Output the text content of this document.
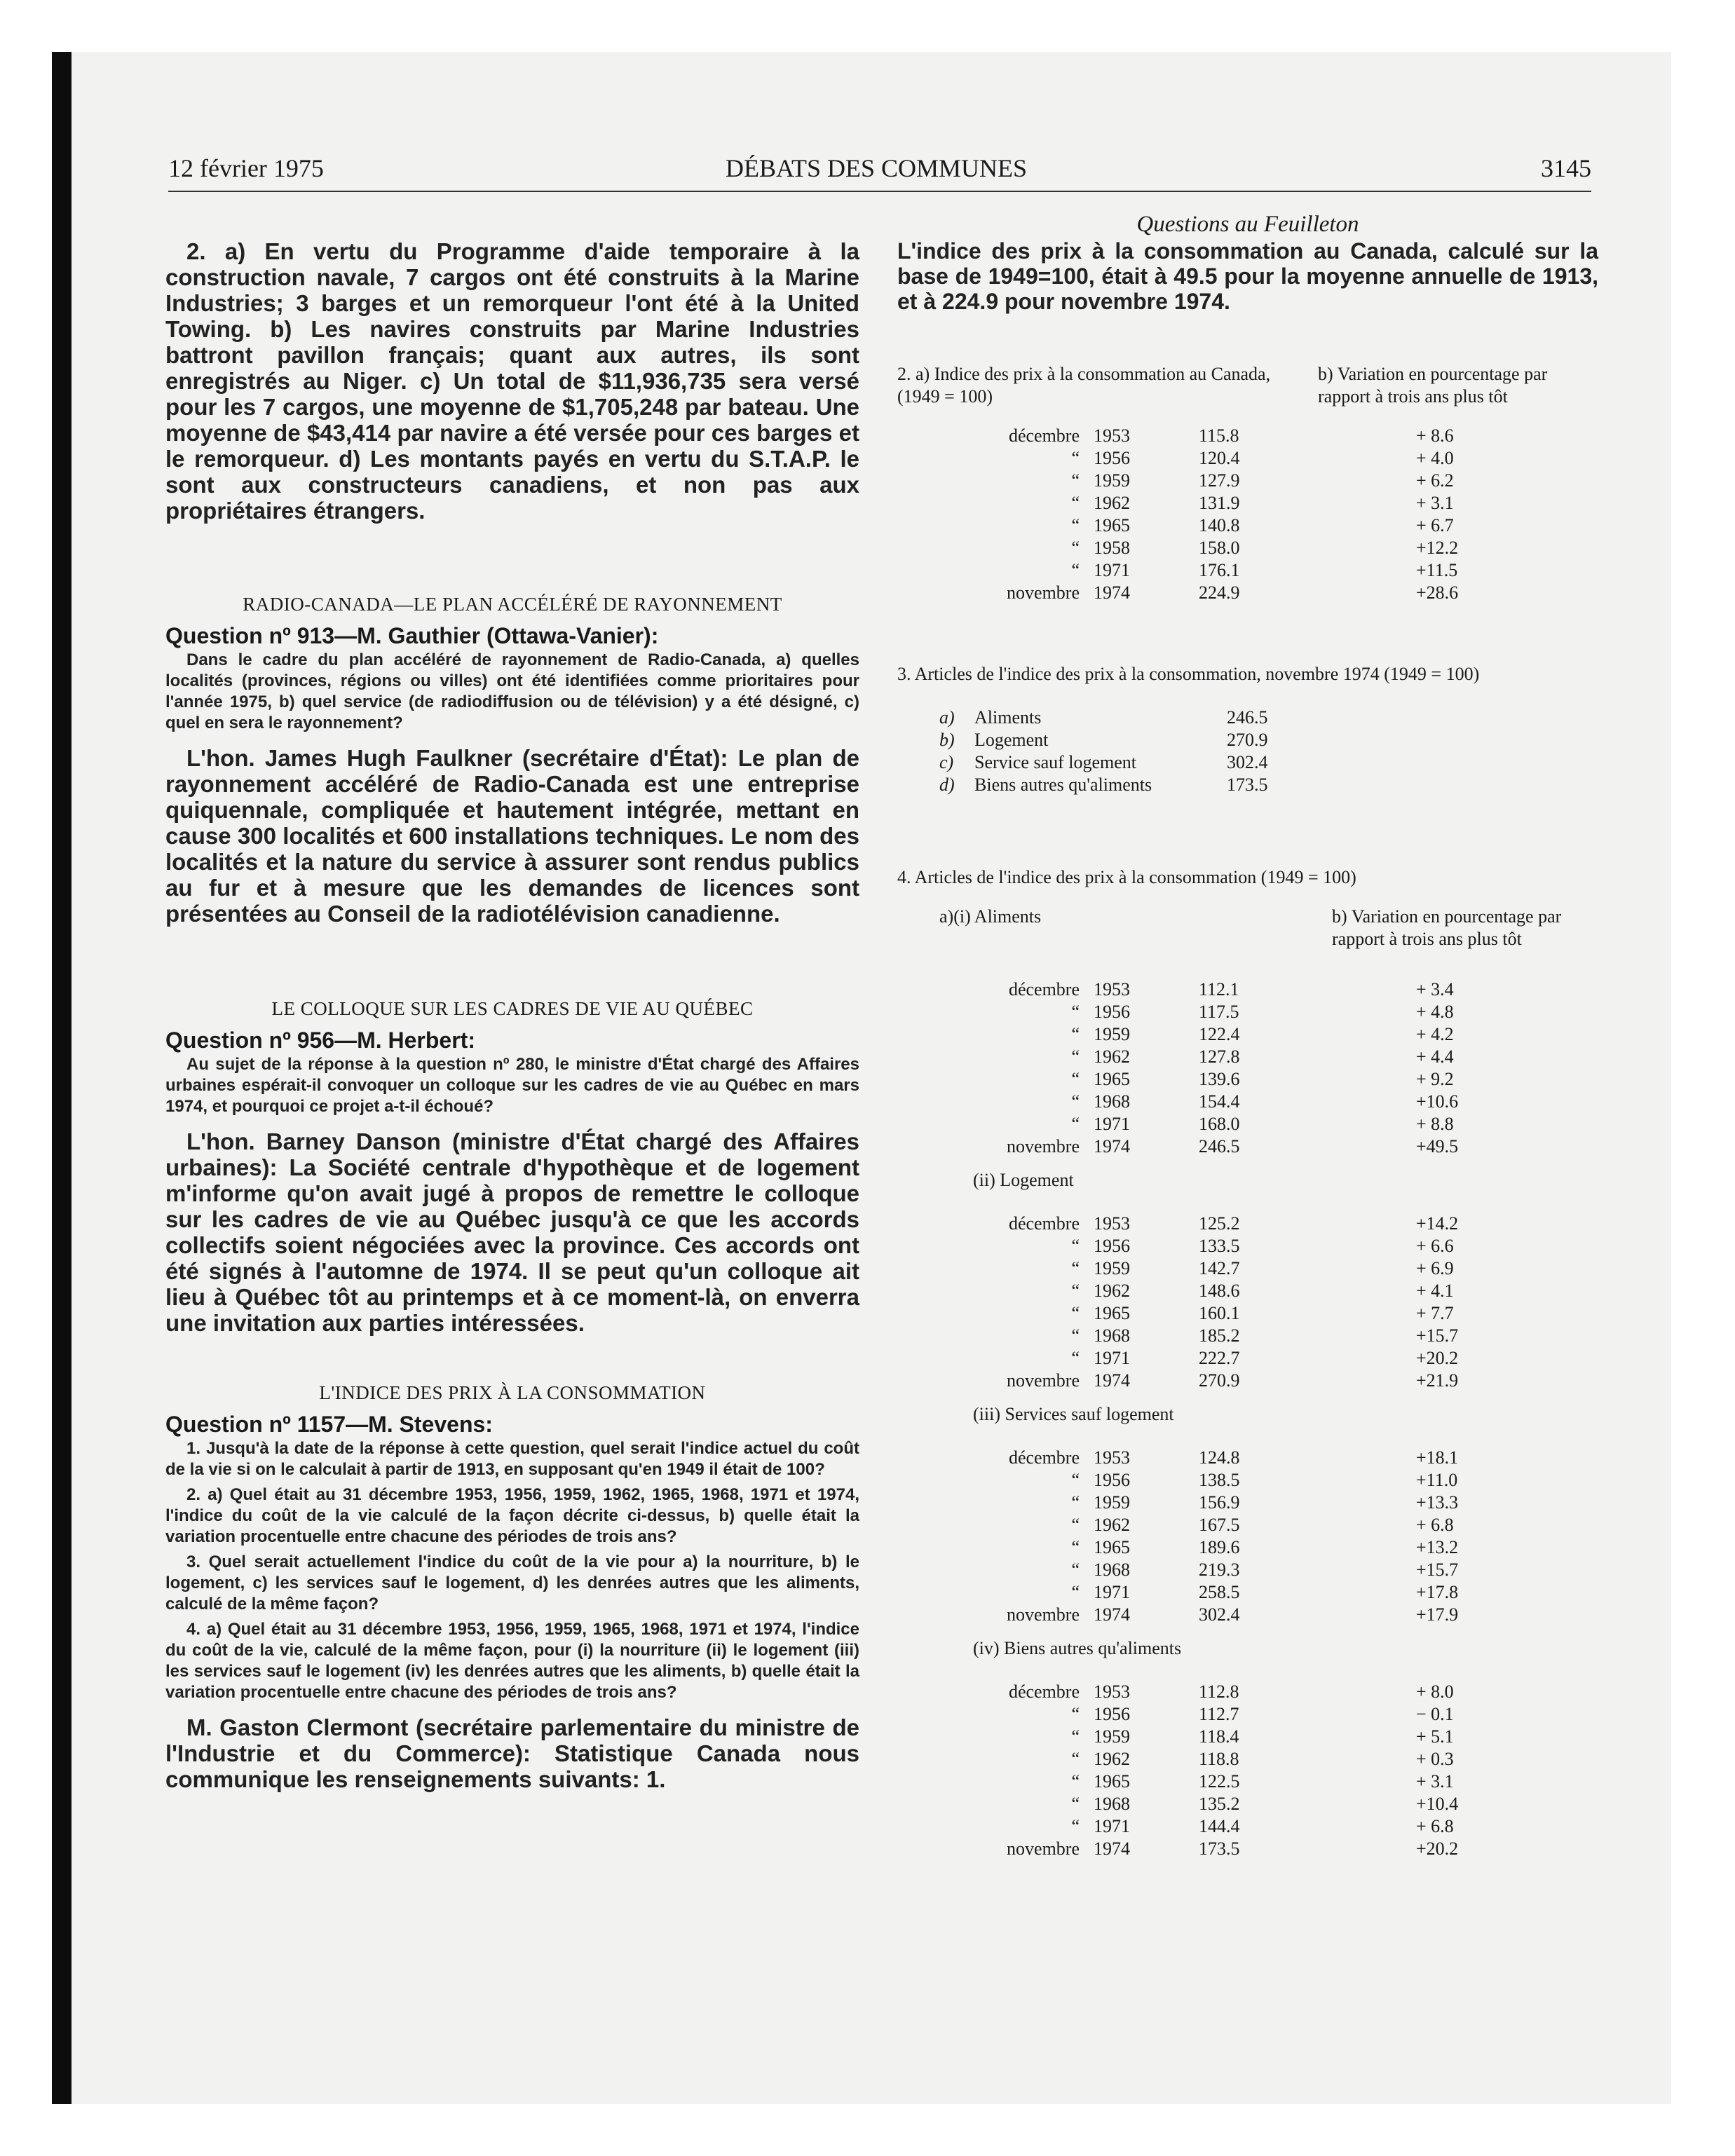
12 février 1975	DÉBATS DES COMMUNES	3145

2. a) En vertu du Programme d'aide temporaire à la construction navale, 7 cargos ont été construits à la Marine Industries; 3 barges et un remorqueur l'ont été à la United Towing. b) Les navires construits par Marine Industries battront pavillon français; quant aux autres, ils sont enregistrés au Niger. c) Un total de $11,936,735 sera versé pour les 7 cargos, une moyenne de $1,705,248 par bateau. Une moyenne de $43,414 par navire a été versée pour ces barges et le remorqueur. d) Les montants payés en vertu du S.T.A.P. le sont aux constructeurs canadiens, et non pas aux propriétaires étrangers.

RADIO-CANADA—LE PLAN ACCÉLÉRÉ DE RAYONNEMENT

Question nº 913—M. Gauthier (Ottawa-Vanier):

Dans le cadre du plan accéléré de rayonnement de Radio-Canada, a) quelles localités (provinces, régions ou villes) ont été identifiées comme prioritaires pour l'année 1975, b) quel service (de radiodiffusion ou de télévision) y a été désigné, c) quel en sera le rayonnement?

L'hon. James Hugh Faulkner (secrétaire d'État): Le plan de rayonnement accéléré de Radio-Canada est une entreprise quiquennale, compliquée et hautement intégrée, mettant en cause 300 localités et 600 installations techniques. Le nom des localités et la nature du service à assurer sont rendus publics au fur et à mesure que les demandes de licences sont présentées au Conseil de la radiotélévision canadienne.

LE COLLOQUE SUR LES CADRES DE VIE AU QUÉBEC

Question nº 956—M. Herbert:

Au sujet de la réponse à la question nº 280, le ministre d'État chargé des Affaires urbaines espérait-il convoquer un colloque sur les cadres de vie au Québec en mars 1974, et pourquoi ce projet a-t-il échoué?

L'hon. Barney Danson (ministre d'État chargé des Affaires urbaines): La Société centrale d'hypothèque et de logement m'informe qu'on avait jugé à propos de remettre le colloque sur les cadres de vie au Québec jusqu'à ce que les accords collectifs soient négociées avec la province. Ces accords ont été signés à l'automne de 1974. Il se peut qu'un colloque ait lieu à Québec tôt au printemps et à ce moment-là, on enverra une invitation aux parties intéressées.

L'INDICE DES PRIX À LA CONSOMMATION

Question nº 1157—M. Stevens:

1. Jusqu'à la date de la réponse à cette question, quel serait l'indice actuel du coût de la vie si on le calculait à partir de 1913, en supposant qu'en 1949 il était de 100?

2. a) Quel était au 31 décembre 1953, 1956, 1959, 1962, 1965, 1968, 1971 et 1974, l'indice du coût de la vie calculé de la façon décrite ci-dessus, b) quelle était la variation procentuelle entre chacune des périodes de trois ans?

3. Quel serait actuellement l'indice du coût de la vie pour a) la nourriture, b) le logement, c) les services sauf le logement, d) les denrées autres que les aliments, calculé de la même façon?

4. a) Quel était au 31 décembre 1953, 1956, 1959, 1965, 1968, 1971 et 1974, l'indice du coût de la vie, calculé de la même façon, pour (i) la nourriture (ii) le logement (iii) les services sauf le logement (iv) les denrées autres que les aliments, b) quelle était la variation procentuelle entre chacune des périodes de trois ans?

M. Gaston Clermont (secrétaire parlementaire du ministre de l'Industrie et du Commerce): Statistique Canada nous communique les renseignements suivants: 1.

Questions au Feuilleton

L'indice des prix à la consommation au Canada, calculé sur la base de 1949=100, était à 49.5 pour la moyenne annuelle de 1913, et à 224.9 pour novembre 1974.

2. a) Indice des prix à la consommation au Canada, (1949 = 100)
b) Variation en pourcentage par rapport à trois ans plus tôt
décembre 1953	115.8	+ 8.6
“ 1956	120.4	+ 4.0
“ 1959	127.9	+ 6.2
“ 1962	131.9	+ 3.1
“ 1965	140.8	+ 6.7
“ 1958	158.0	+12.2
“ 1971	176.1	+11.5
novembre 1974	224.9	+28.6

3. Articles de l'indice des prix à la consommation, novembre 1974 (1949 = 100)

a) Aliments	246.5
b) Logement	270.9
c) Service sauf logement	302.4
d) Biens autres qu'aliments	173.5

4. Articles de l'indice des prix à la consommation (1949 = 100)

a)(i) Aliments	b) Variation en pourcentage par rapport à trois ans plus tôt
décembre 1953	112.1	+ 3.4
“ 1956	117.5	+ 4.8
“ 1959	122.4	+ 4.2
“ 1962	127.8	+ 4.4
“ 1965	139.6	+ 9.2
“ 1968	154.4	+10.6
“ 1971	168.0	+ 8.8
novembre 1974	246.5	+49.5

(ii) Logement

décembre 1953	125.2	+14.2
“ 1956	133.5	+ 6.6
“ 1959	142.7	+ 6.9
“ 1962	148.6	+ 4.1
“ 1965	160.1	+ 7.7
“ 1968	185.2	+15.7
“ 1971	222.7	+20.2
novembre 1974	270.9	+21.9

(iii) Services sauf logement

décembre 1953	124.8	+18.1
“ 1956	138.5	+11.0
“ 1959	156.9	+13.3
“ 1962	167.5	+ 6.8
“ 1965	189.6	+13.2
“ 1968	219.3	+15.7
“ 1971	258.5	+17.8
novembre 1974	302.4	+17.9

(iv) Biens autres qu'aliments

décembre 1953	112.8	+ 8.0
“ 1956	112.7	− 0.1
“ 1959	118.4	+ 5.1
“ 1962	118.8	+ 0.3
“ 1965	122.5	+ 3.1
“ 1968	135.2	+10.4
“ 1971	144.4	+ 6.8
novembre 1974	173.5	+20.2
